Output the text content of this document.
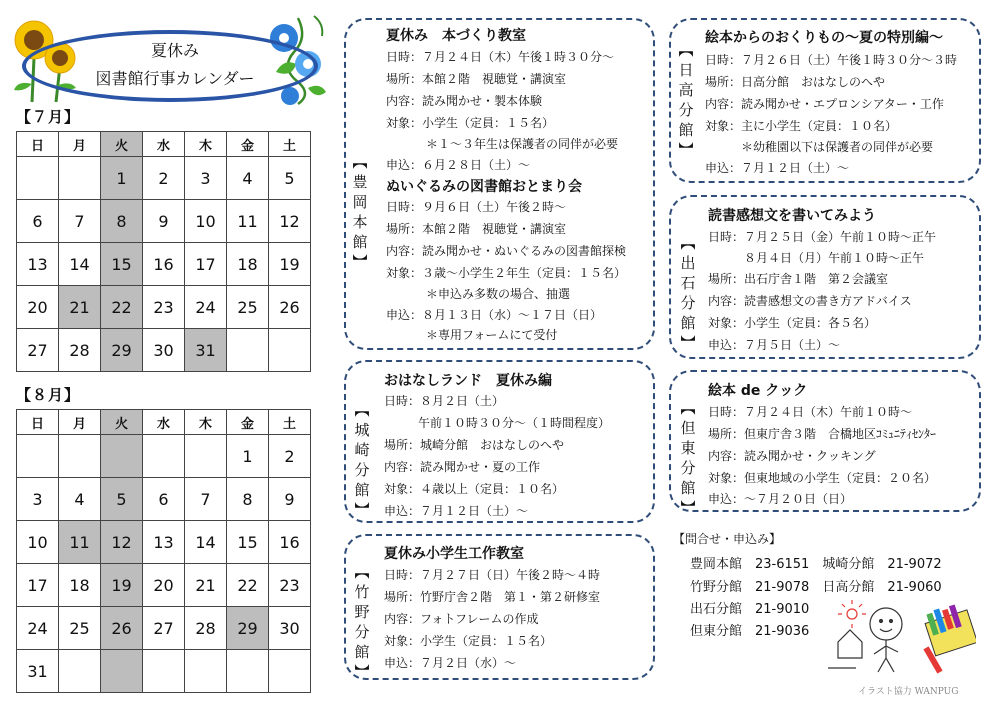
夏休み
図書館行事カレンダー
【７月】
日	月	火	水	木	金	土
		1	2	3	4	5
6	7	8	9	10	11	12
13	14	15	16	17	18	19
20	21	22	23	24	25	26
27	28	29	30	31		
【８月】
日	月	火	水	木	金	土
					1	2
3	4	5	6	7	8	9
10	11	12	13	14	15	16
17	18	19	20	21	22	23
24	25	26	27	28	29	30
31						
︻
豊
岡
本
館
︼
夏休み　本づくり教室
日時：７月２４日（木）午後１時３０分～
場所：本館２階　視聴覚・講演室
内容：読み聞かせ・製本体験
対象：小学生（定員：１５名）
＊１～３年生は保護者の同伴が必要
申込：６月２８日（土）～
ぬいぐるみの図書館おとまり会
日時：９月６日（土）午後２時～
場所：本館２階　視聴覚・講演室
内容：読み聞かせ・ぬいぐるみの図書館探検
対象：３歳～小学生２年生（定員：１５名）
＊申込み多数の場合、抽選
申込：８月１３日（水）～１７日（日）
＊専用フォームにて受付
︻
城
崎
分
館
︼
おはなしランド　夏休み編
日時：８月２日（土）
午前１０時３０分～（１時間程度）
場所：城崎分館　おはなしのへや
内容：読み聞かせ・夏の工作
対象：４歳以上（定員：１０名）
申込：７月１２日（土）～
︻
竹
野
分
館
︼
夏休み小学生工作教室
日時：７月２７日（日）午後２時～４時
場所：竹野庁舎２階　第１・第２研修室
内容：フォトフレームの作成
対象：小学生（定員：１５名）
申込：７月２日（水）～
︻
日
高
分
館
︼
絵本からのおくりもの～夏の特別編～
日時：７月２６日（土）午後１時３０分～３時
場所：日高分館　おはなしのへや
内容：読み聞かせ・エプロンシアター・工作
対象：主に小学生（定員：１０名）
＊幼稚園以下は保護者の同伴が必要
申込：７月１２日（土）～
︻
出
石
分
館
︼
読書感想文を書いてみよう
日時：７月２５日（金）午前１０時～正午
８月４日（月）午前１０時～正午
場所：出石庁舎１階　第２会議室
内容：読書感想文の書き方アドバイス
対象：小学生（定員：各５名）
申込：７月５日（土）～
︻
但
東
分
館
︼
絵本 de クック
日時：７月２４日（木）午前１０時～
場所：但東庁舎３階　合橋地区ｺﾐｭﾆﾃｨｾﾝﾀｰ
内容：読み聞かせ・クッキング
対象：但東地域の小学生（定員：２０名）
申込：～７月２０日（日）
【問合せ・申込み】
豊岡本館　23-6151　城崎分館　21-9072
竹野分館　21-9078　日高分館　21-9060
出石分館　21-9010
但東分館　21-9036
イラスト協力 WANPUG
